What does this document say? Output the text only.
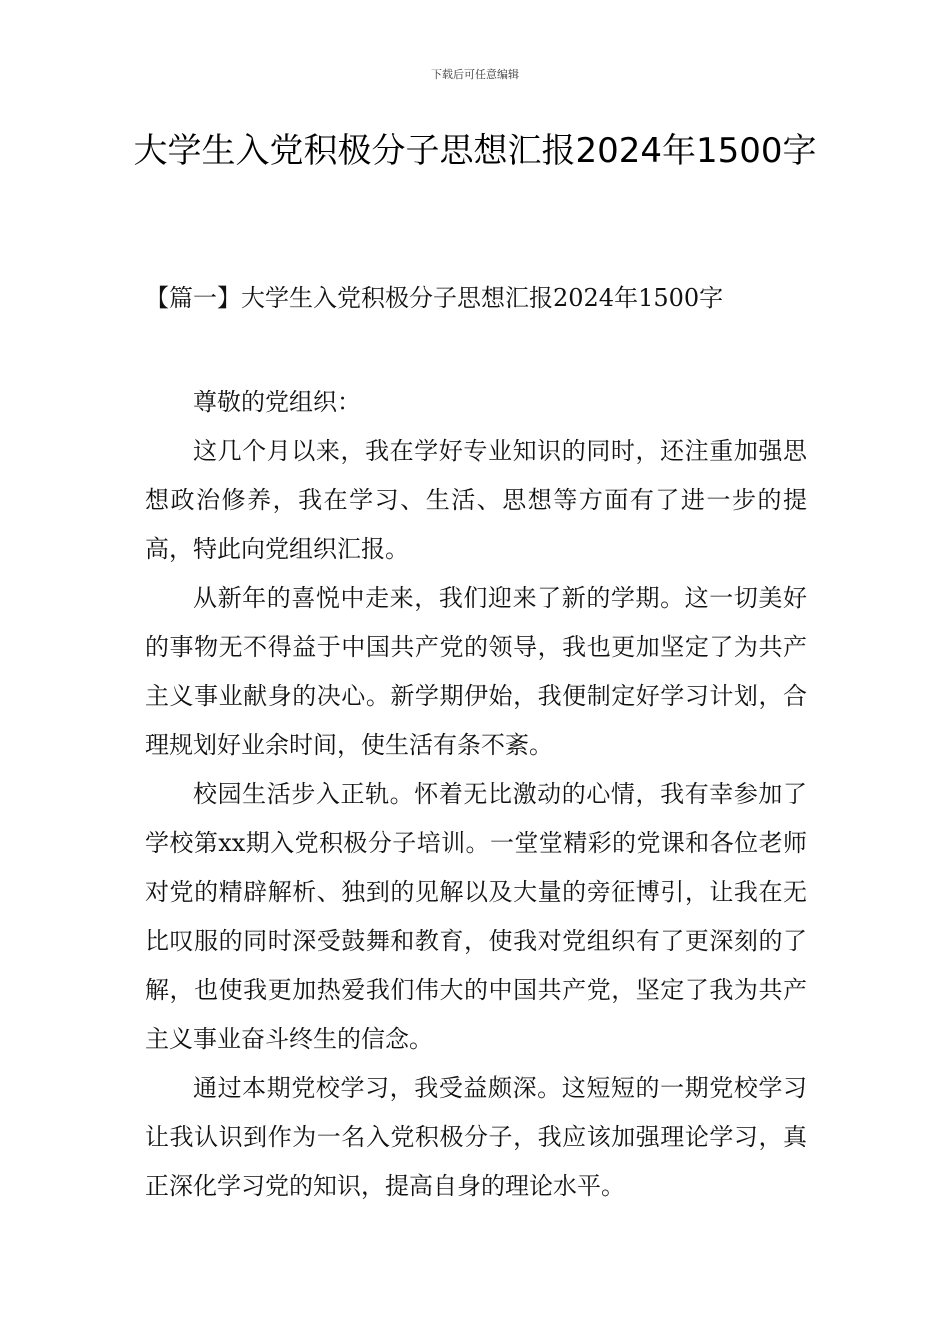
下载后可任意编辑
大学生入党积极分子思想汇报2024年1500字
【篇一】大学生入党积极分子思想汇报2024年1500字

尊敬的党组织：

这几个月以来，我在学好专业知识的同时，还注重加强思想政治修养，我在学习、生活、思想等方面有了进一步的提高，特此向党组织汇报。

从新年的喜悦中走来，我们迎来了新的学期。这一切美好的事物无不得益于中国共产党的领导，我也更加坚定了为共产主义事业献身的决心。新学期伊始，我便制定好学习计划，合理规划好业余时间，使生活有条不紊。

校园生活步入正轨。怀着无比激动的心情，我有幸参加了学校第xx期入党积极分子培训。一堂堂精彩的党课和各位老师对党的精辟解析、独到的见解以及大量的旁征博引，让我在无比叹服的同时深受鼓舞和教育，使我对党组织有了更深刻的了解，也使我更加热爱我们伟大的中国共产党，坚定了我为共产主义事业奋斗终生的信念。

通过本期党校学习，我受益颇深。这短短的一期党校学习让我认识到作为一名入党积极分子，我应该加强理论学习，真正深化学习党的知识，提高自身的理论水平。
